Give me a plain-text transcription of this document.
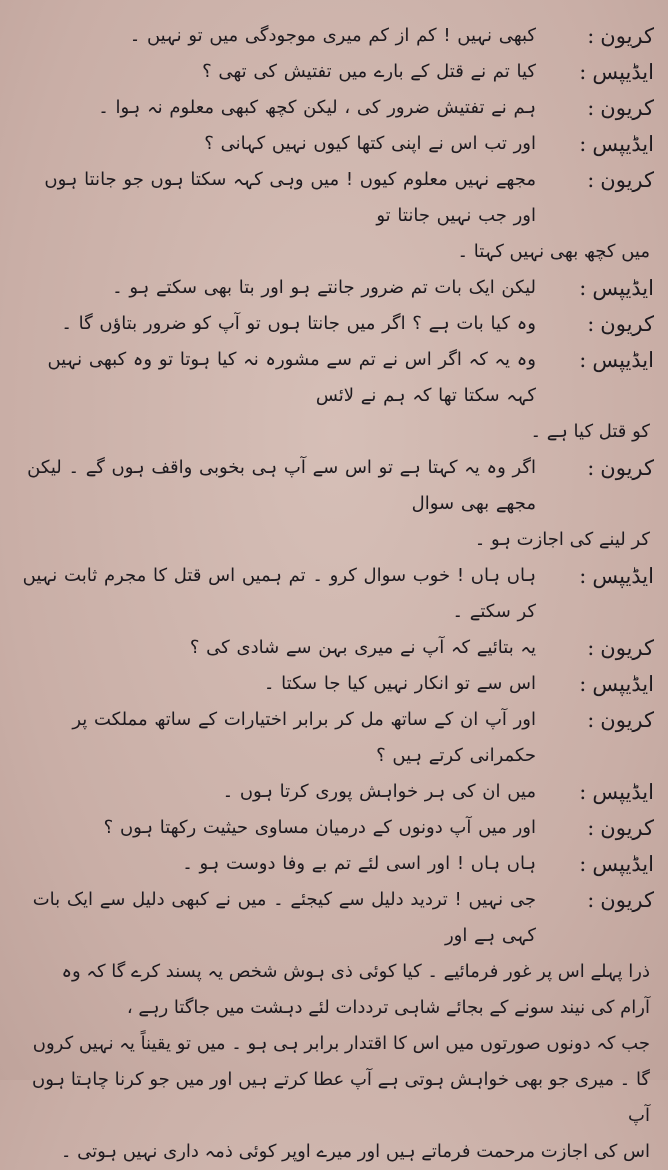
کریون:
کبھی نہیں ! کم از کم میری موجودگی میں تو نہیں ۔
ایڈیپس:
کیا تم نے قتل کے بارے میں تفتیش کی تھی ؟
کریون:
ہم نے تفتیش ضرور کی ، لیکن کچھ کبھی معلوم نہ ہوا ۔
ایڈیپس:
اور تب اس نے اپنی کتھا کیوں نہیں کہانی ؟
کریون:
مجھے نہیں معلوم کیوں ! میں وہی کہہ سکتا ہوں جو جانتا ہوں اور جب نہیں جانتا تو
میں کچھ بھی نہیں کہتا ۔
ایڈیپس:
لیکن ایک بات تم ضرور جانتے ہو اور بتا بھی سکتے ہو ۔
کریون:
وہ کیا بات ہے ؟ اگر میں جانتا ہوں تو آپ کو ضرور بتاؤں گا ۔
ایڈیپس:
وہ یہ کہ اگر اس نے تم سے مشورہ نہ کیا ہوتا تو وہ کبھی نہیں کہہ سکتا تھا کہ ہم نے لائس
کو قتل کیا ہے ۔
کریون:
اگر وہ یہ کہتا ہے تو اس سے آپ ہی بخوبی واقف ہوں گے ۔ لیکن مجھے بھی سوال
کر لینے کی اجازت ہو ۔
ایڈیپس:
ہاں ہاں ! خوب سوال کرو ۔ تم ہمیں اس قتل کا مجرم ثابت نہیں کر سکتے ۔
کریون:
یہ بتائیے کہ آپ نے میری بہن سے شادی کی ؟
ایڈیپس:
اس سے تو انکار نہیں کیا جا سکتا ۔
کریون:
اور آپ ان کے ساتھ مل کر برابر اختیارات کے ساتھ مملکت پر حکمرانی کرتے ہیں ؟
ایڈیپس:
میں ان کی ہر خواہش پوری کرتا ہوں ۔
کریون:
اور میں آپ دونوں کے درمیان مساوی حیثیت رکھتا ہوں ؟
ایڈیپس:
ہاں ہاں ! اور اسی لئے تم بے وفا دوست ہو ۔
کریون:
جی نہیں ! تردید دلیل سے کیجئے ۔ میں نے کبھی دلیل سے ایک بات کہی ہے اور
ذرا پہلے اس پر غور فرمائیے ۔ کیا کوئی ذی ہوش شخص یہ پسند کرے گا کہ وہ
آرام کی نیند سونے کے بجائے شاہی ترددات لئے دہشت میں جاگتا رہے ،
جب کہ دونوں صورتوں میں اس کا اقتدار برابر ہی ہو ۔ میں تو یقیناً یہ نہیں کروں
گا ۔ میری جو بھی خواہش ہوتی ہے آپ عطا کرتے ہیں اور میں جو کرنا چاہتا ہوں آپ
اس کی اجازت مرحمت فرماتے ہیں اور میرے اوپر کوئی ذمہ داری نہیں ہوتی ۔
